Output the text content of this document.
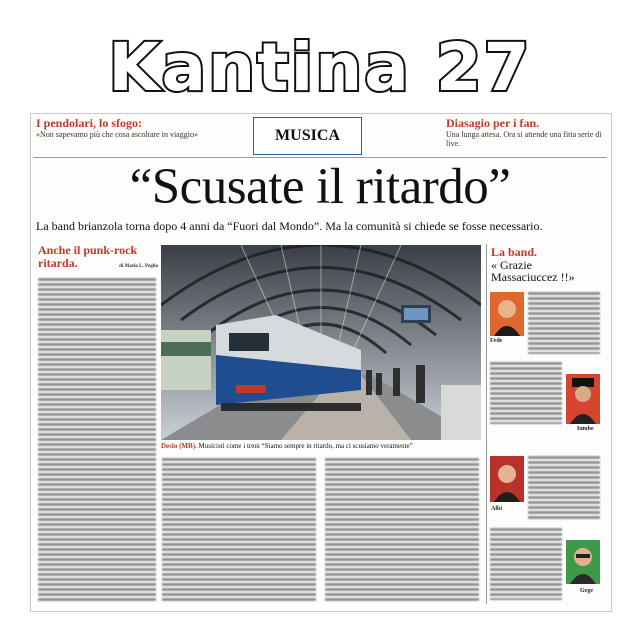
Kantina 27
I pendolari, lo sfogo:
«Non sapevamo più che cosa ascoltare in viaggio»	MUSICA
Diasagio per i fan.
Una lunga attesa. Ora si attende una fitta serie di live.
“Scusate il ritardo”
La band brianzola torna dopo 4 anni da “Fuori dal Mondo”. Ma la comunità si chiede se fosse necessario.
Anche il punk-rock
ritarda.	di Mario L. Peglio
Desio (MB). Musicisti come i treni “Siamo sempre in ritardo, ma ci scusiamo veramente”
La band.
« Grazie
Massaciuccez !!»
Fede
Iumbe
Albi
Gege
